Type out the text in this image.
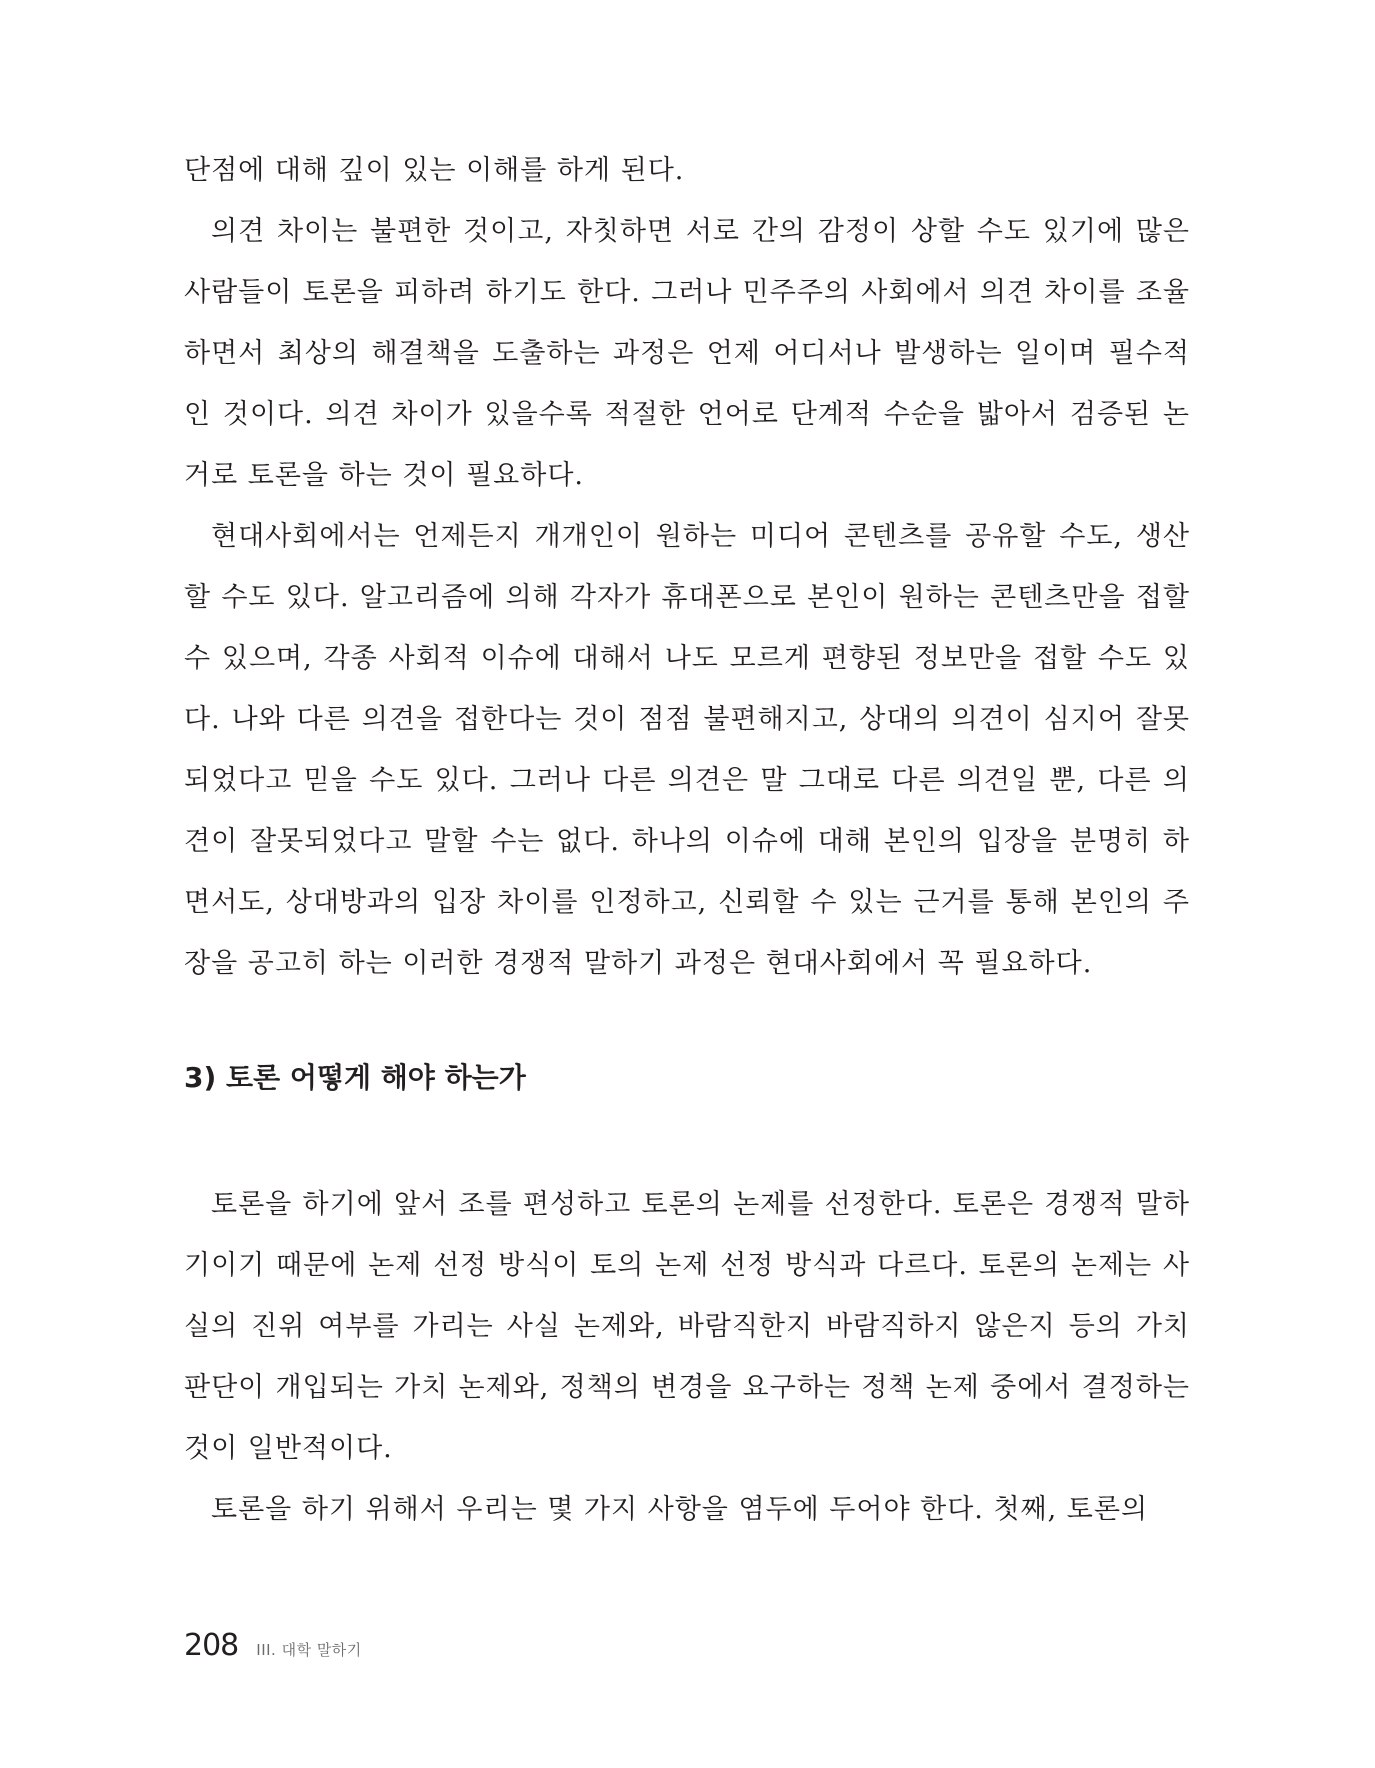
단점에 대해 깊이 있는 이해를 하게 된다.

의견 차이는 불편한 것이고, 자칫하면 서로 간의 감정이 상할 수도 있기에 많은 사람들이 토론을 피하려 하기도 한다. 그러나 민주주의 사회에서 의견 차이를 조율하면서 최상의 해결책을 도출하는 과정은 언제 어디서나 발생하는 일이며 필수적인 것이다. 의견 차이가 있을수록 적절한 언어로 단계적 수순을 밟아서 검증된 논거로 토론을 하는 것이 필요하다.

현대사회에서는 언제든지 개개인이 원하는 미디어 콘텐츠를 공유할 수도, 생산할 수도 있다. 알고리즘에 의해 각자가 휴대폰으로 본인이 원하는 콘텐츠만을 접할 수 있으며, 각종 사회적 이슈에 대해서 나도 모르게 편향된 정보만을 접할 수도 있다. 나와 다른 의견을 접한다는 것이 점점 불편해지고, 상대의 의견이 심지어 잘못되었다고 믿을 수도 있다. 그러나 다른 의견은 말 그대로 다른 의견일 뿐, 다른 의견이 잘못되었다고 말할 수는 없다. 하나의 이슈에 대해 본인의 입장을 분명히 하면서도, 상대방과의 입장 차이를 인정하고, 신뢰할 수 있는 근거를 통해 본인의 주장을 공고히 하는 이러한 경쟁적 말하기 과정은 현대사회에서 꼭 필요하다.

3) 토론 어떻게 해야 하는가

토론을 하기에 앞서 조를 편성하고 토론의 논제를 선정한다. 토론은 경쟁적 말하기이기 때문에 논제 선정 방식이 토의 논제 선정 방식과 다르다. 토론의 논제는 사실의 진위 여부를 가리는 사실 논제와, 바람직한지 바람직하지 않은지 등의 가치 판단이 개입되는 가치 논제와, 정책의 변경을 요구하는 정책 논제 중에서 결정하는 것이 일반적이다.

토론을 하기 위해서 우리는 몇 가지 사항을 염두에 두어야 한다. 첫째, 토론의

208 III. 대학 말하기
